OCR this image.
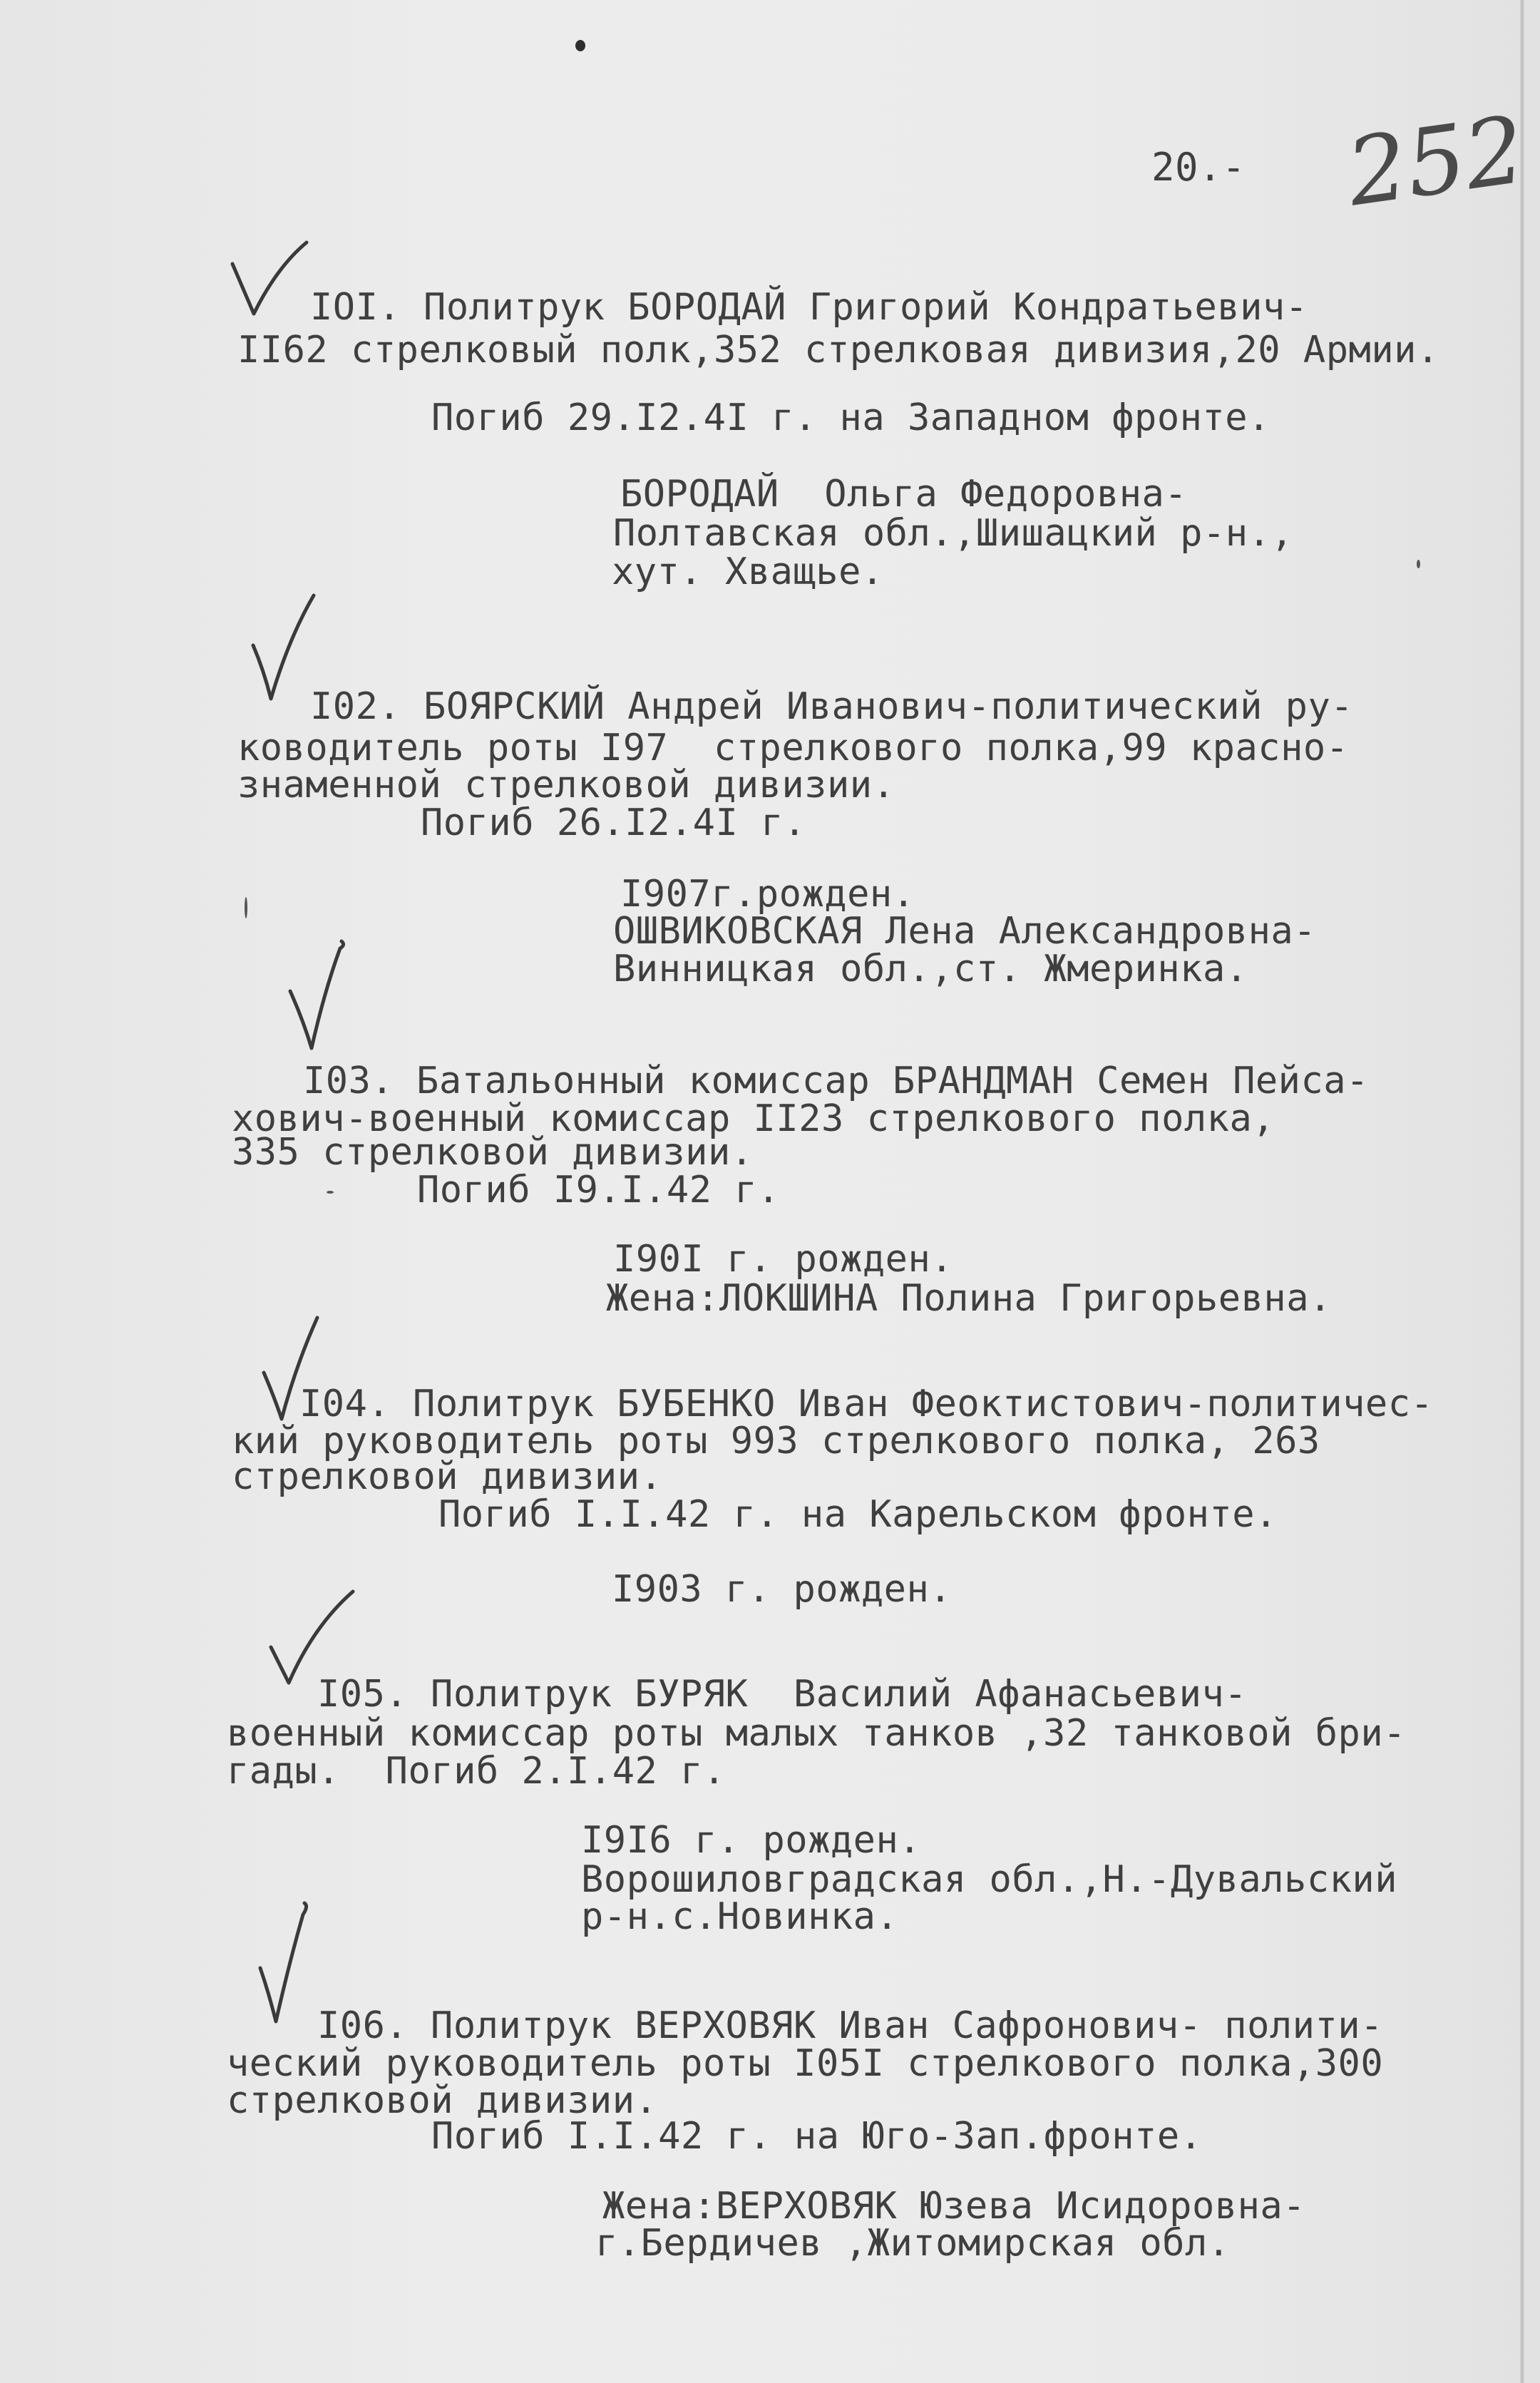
20.- 252
IOI. Политрук БОРОДАЙ Григорий Кондратьевич-
II62 стрелковый полк,352 стрелковая дивизия,20 Армии.
Погиб 29.I2.4I г. на Западном фронте.
БОРОДАЙ  Ольга Федоровна-
Полтавская обл.,Шишацкий р-н.,
хут. Хващье.
I02. БОЯРСКИЙ Андрей Иванович-политический ру-
ководитель роты I97  стрелкового полка,99 красно-
знаменной стрелковой дивизии.
Погиб 26.I2.4I г.
I907г.рожден.
ОШВИКОВСКАЯ Лена Александровна-
Винницкая обл.,ст. Жмеринка.
I03. Батальонный комиссар БРАНДМАН Семен Пейса-
хович-военный комиссар II23 стрелкового полка,
335 стрелковой дивизии.
Погиб I9.I.42 г.
I90I г. рожден.
Жена:ЛОКШИНА Полина Григорьевна.
I04. Политрук БУБЕНКО Иван Феоктистович-политичес-
кий руководитель роты 993 стрелкового полка, 263
стрелковой дивизии.
Погиб I.I.42 г. на Карельском фронте.
I903 г. рожден.
I05. Политрук БУРЯК  Василий Афанасьевич-
военный комиссар роты малых танков ,32 танковой бри-
гады.  Погиб 2.I.42 г.
I9I6 г. рожден.
Ворошиловградская обл.,Н.-Дувальский
р-н.с.Новинка.
I06. Политрук ВЕРХОВЯК Иван Сафронович- полити-
ческий руководитель роты I05I стрелкового полка,300
стрелковой дивизии.
Погиб I.I.42 г. на Юго-Зап.фронте.
Жена:ВЕРХОВЯК Юзева Исидоровна-
г.Бердичев ,Житомирская обл.
